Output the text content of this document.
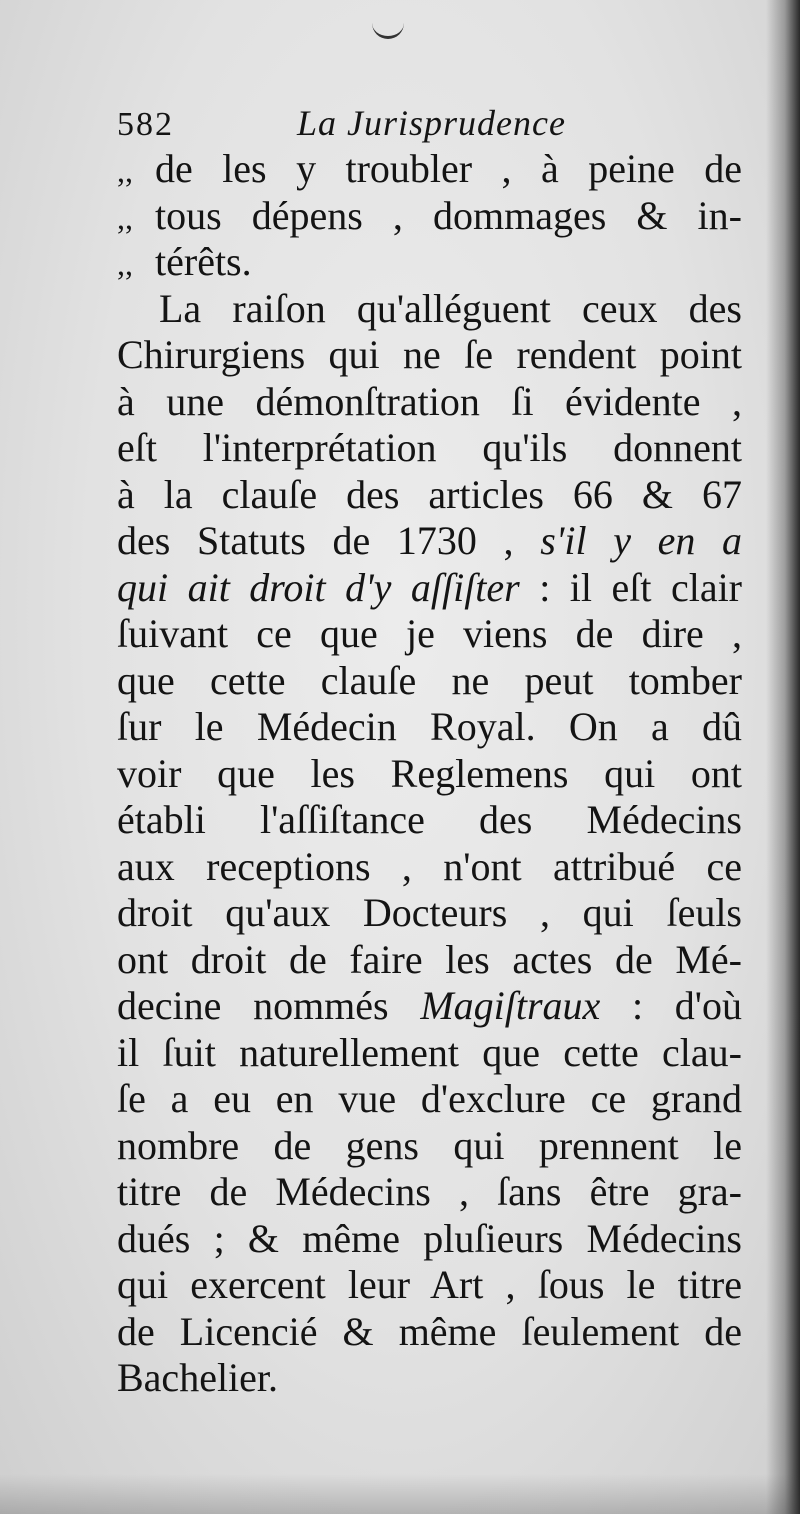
582	La Jurisprudence
,, de les y troubler , à peine de
,, tous dépens , dommages & in-
,, térêts.
La raiſon qu'alléguent ceux des
Chirurgiens qui ne ſe rendent point
à une démonſtration ſi évidente ,
eſt l'interprétation qu'ils donnent
à la clauſe des articles 66 & 67
des Statuts de 1730 , s'il y en a
qui ait droit d'y aſſiſter : il eſt clair
ſuivant ce que je viens de dire ,
que cette clauſe ne peut tomber
ſur le Médecin Royal. On a dû
voir que les Reglemens qui ont
établi l'aſſiſtance des Médecins
aux receptions , n'ont attribué ce
droit qu'aux Docteurs , qui ſeuls
ont droit de faire les actes de Mé-
decine nommés Magiſtraux : d'où
il ſuit naturellement que cette clau-
ſe a eu en vue d'exclure ce grand
nombre de gens qui prennent le
titre de Médecins , ſans être gra-
dués ; & même pluſieurs Médecins
qui exercent leur Art , ſous le titre
de Licencié & même ſeulement de
Bachelier.
